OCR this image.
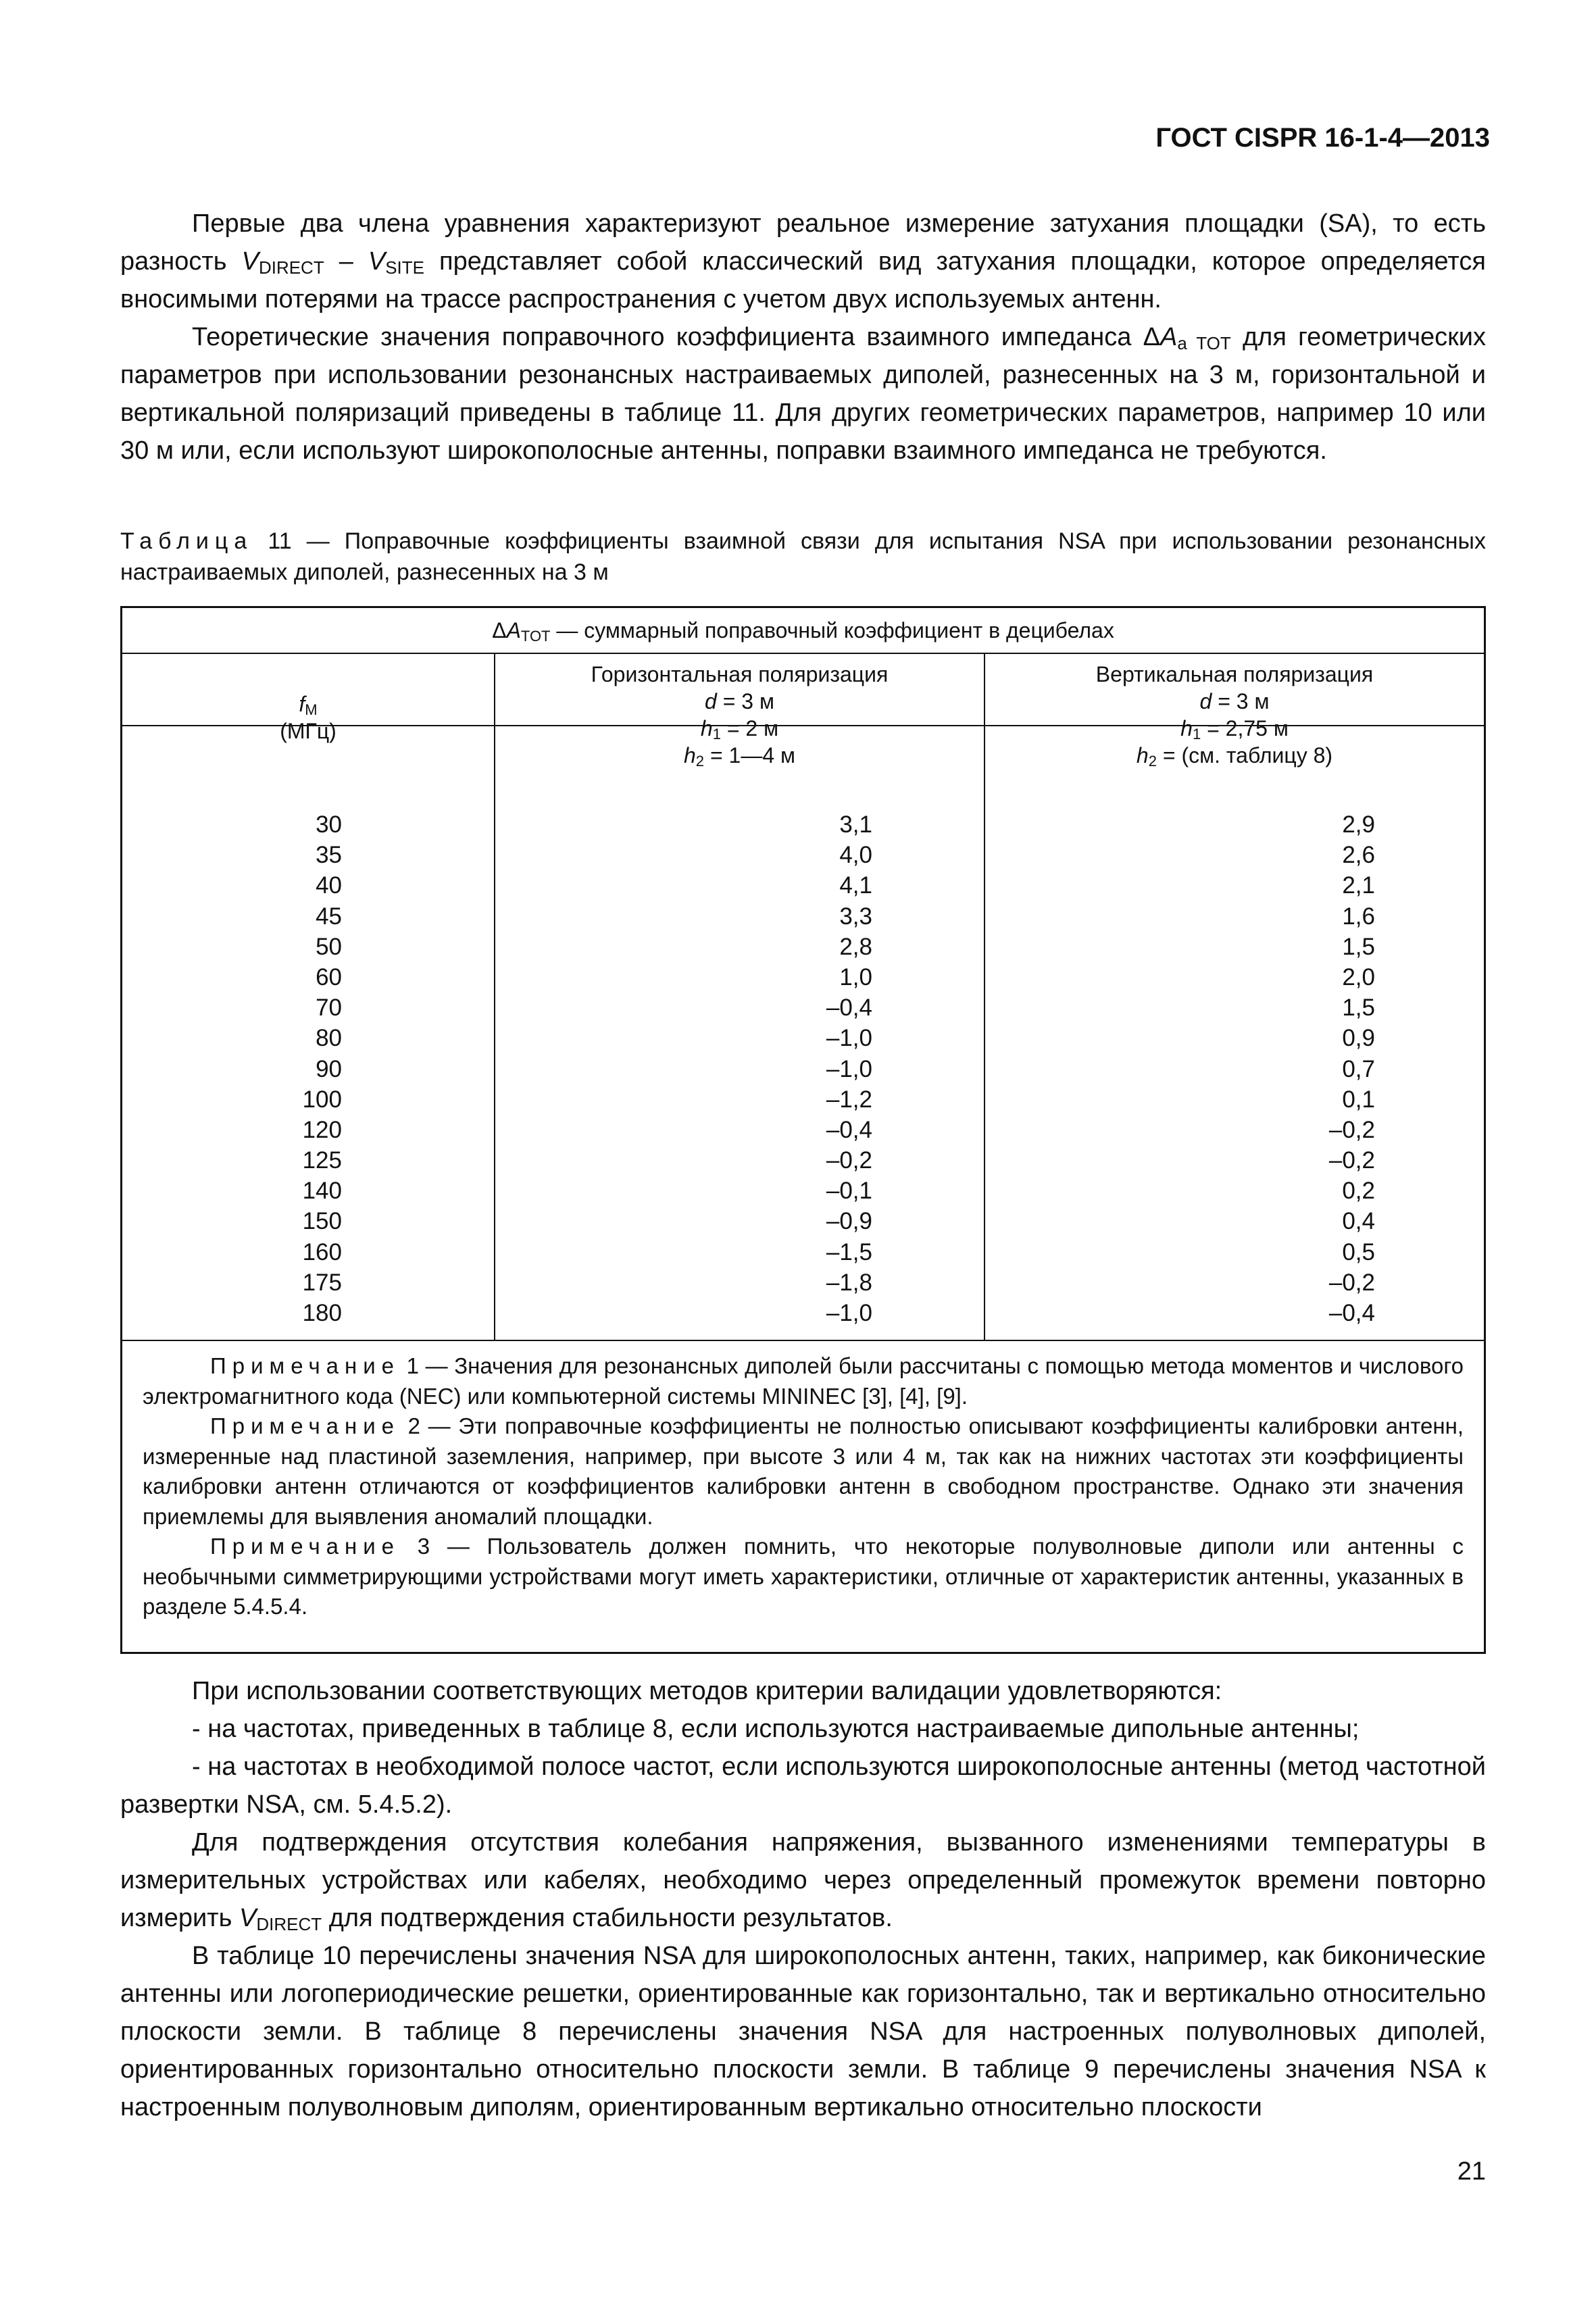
ГОСТ CISPR 16-1-4—2013

Первые два члена уравнения характеризуют реальное измерение затухания площадки (SA), то есть разность $V_{DIRECT} - V_{SITE}$ представляет собой классический вид затухания площадки, которое определяется вносимыми потерями на трассе распространения с учетом двух используемых антенн.

Теоретические значения поправочного коэффициента взаимного импеданса $\Delta A_{a TOT}$ для геометрических параметров при использовании резонансных настраиваемых диполей, разнесенных на 3 м, горизонтальной и вертикальной поляризаций приведены в таблице 11. Для других геометрических параметров, например 10 или 30 м или, если используют широкополосные антенны, поправки взаимного импеданса не требуются.

Таблица 11 — Поправочные коэффициенты взаимной связи для испытания NSA при использовании резонансных настраиваемых диполей, разнесенных на 3 м
$\Delta A_{TOT}$ — суммарный поправочный коэффициент в децибелах
$f_M$
(МГц)
Горизонтальная поляризация
d = 3 м
$h_1 = 2$ м
$h_2$ = 1—4 м
Вертикальная поляризация
d = 3 м
$h_1 = 2,75$ м
$h_2 = (см$. таблицу 8)
30
35
40
45
50
60
70
80
90
100
120
125
140
150
160
175
180
3,1
4,0
4,1
3,3
2,8
1,0
–0,4
–1,0
–1,0
–1,2
–0,4
–0,2
–0,1
–0,9
–1,5
–1,8
–1,0
2,9
2,6
2,1
1,6
1,5
2,0
1,5
0,9
0,7
0,1
–0,2
–0,2
0,2
0,4
0,5
–0,2
–0,4

Примечание 1 — Значения для резонансных диполей были рассчитаны с помощью метода моментов и числового электромагнитного кода (NEC) или компьютерной системы MININEC [3], [4], [9].

Примечание 2 — Эти поправочные коэффициенты не полностью описывают коэффициенты калибровки антенн, измеренные над пластиной заземления, например, при высоте 3 или 4 м, так как на нижних частотах эти коэффициенты калибровки антенн отличаются от коэффициентов калибровки антенн в свободном пространстве. Однако эти значения приемлемы для выявления аномалий площадки.

Примечание 3 — Пользователь должен помнить, что некоторые полуволновые диполи или антенны с необычными симметрирующими устройствами могут иметь характеристики, отличные от характеристик антенны, указанных в разделе 5.4.5.4.

При использовании соответствующих методов критерии валидации удовлетворяются:

- на частотах, приведенных в таблице 8, если используются настраиваемые дипольные антенны;

- на частотах в необходимой полосе частот, если используются широкополосные антенны (метод частотной развертки NSA, см. 5.4.5.2).

Для подтверждения отсутствия колебания напряжения, вызванного изменениями температуры в измерительных устройствах или кабелях, необходимо через определенный промежуток времени повторно измерить $V_{DIRECT}$ для подтверждения стабильности результатов.

В таблице 10 перечислены значения NSA для широкополосных антенн, таких, например, как биконические антенны или логопериодические решетки, ориентированные как горизонтально, так и вертикально относительно плоскости земли. В таблице 8 перечислены значения NSA для настроенных полуволновых диполей, ориентированных горизонтально относительно плоскости земли. В таблице 9 перечислены значения NSA к настроенным полуволновым диполям, ориентированным вертикально относительно плоскости

21
